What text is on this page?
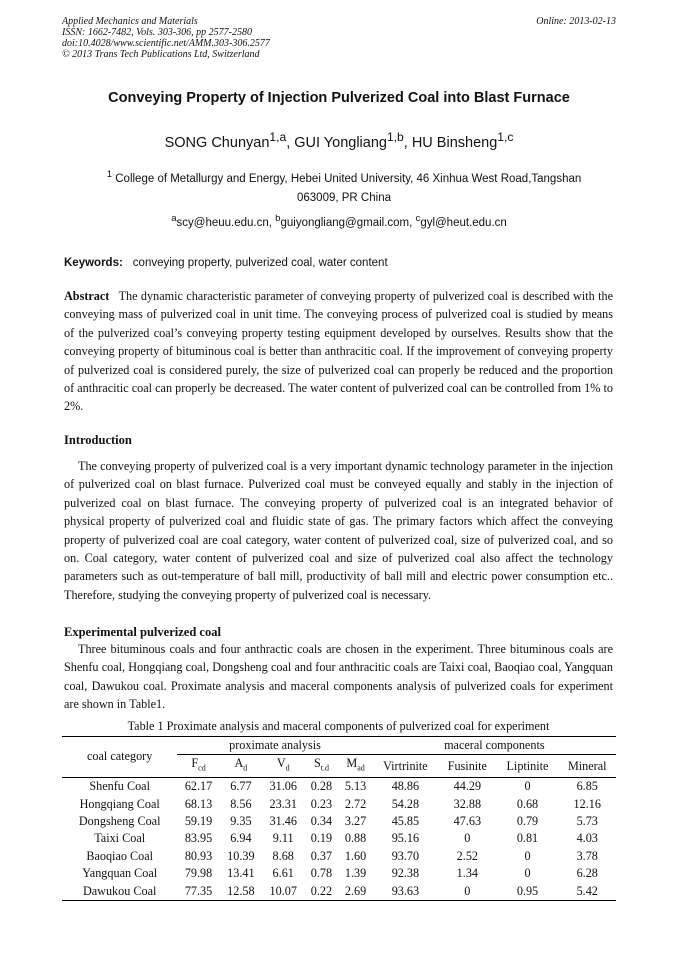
Applied Mechanics and Materials
ISSN: 1662-7482, Vols. 303-306, pp 2577-2580
doi:10.4028/www.scientific.net/AMM.303-306.2577
© 2013 Trans Tech Publications Ltd, Switzerland
Online: 2013-02-13
Conveying Property of Injection Pulverized Coal into Blast Furnace
SONG Chunyan$^{1,a}$, GUI Yongliang$^{1,b}$, HU Binsheng$^{1,c}$
$^1$ College of Metallurgy and Energy, Hebei United University, 46 Xinhua West Road,Tangshan
063009, PR China
$^a$scy@heuu.edu.cn, $^b$guiyongliang@gmail.com, $^c$gyl@heut.edu.cn
Keywords: conveying property, pulverized coal, water content

Abstract The dynamic characteristic parameter of conveying property of pulverized coal is described with the conveying mass of pulverized coal in unit time. The conveying process of pulverized coal is studied by means of the pulverized coal’s conveying property testing equipment developed by ourselves. Results show that the conveying property of bituminous coal is better than anthracitic coal. If the improvement of conveying property of pulverized coal is considered purely, the size of pulverized coal can properly be reduced and the proportion of anthracitic coal can properly be decreased. The water content of pulverized coal can be controlled from 1% to 2%.

Introduction

The conveying property of pulverized coal is a very important dynamic technology parameter in the injection of pulverized coal on blast furnace. Pulverized coal must be conveyed equally and stably in the injection of pulverized coal on blast furnace. The conveying property of pulverized coal is an integrated behavior of physical property of pulverized coal and fluidic state of gas. The primary factors which affect the conveying property of pulverized coal are coal category, water content of pulverized coal, size of pulverized coal, and so on. Coal category, water content of pulverized coal and size of pulverized coal also affect the technology parameters such as out-temperature of ball mill, productivity of ball mill and electric power consumption etc.. Therefore, studying the conveying property of pulverized coal is necessary.

Experimental pulverized coal

Three bituminous coals and four anthractic coals are chosen in the experiment. Three bituminous coals are Shenfu coal, Hongqiang coal, Dongsheng coal and four anthracitic coals are Taixi coal, Baoqiao coal, Yangquan coal, Dawukou coal. Proximate analysis and maceral components analysis of pulverized coals for experiment are shown in Table1.

Table 1 Proximate analysis and maceral components of pulverized coal for experiment
coal category	proximate analysis					maceral components			
	$F_{cd}$	$A_d$	$V_d$	$S_{t.d}$	$M_{ad}$	Virtrinite	Fusinite	Liptinite	Mineral
Shenfu Coal	62.17	6.77	31.06	0.28	5.13	48.86	44.29	0	6.85
Hongqiang Coal	68.13	8.56	23.31	0.23	2.72	54.28	32.88	0.68	12.16
Dongsheng Coal	59.19	9.35	31.46	0.34	3.27	45.85	47.63	0.79	5.73
Taixi Coal	83.95	6.94	9.11	0.19	0.88	95.16	0	0.81	4.03
Baoqiao Coal	80.93	10.39	8.68	0.37	1.60	93.70	2.52	0	3.78
Yangquan Coal	79.98	13.41	6.61	0.78	1.39	92.38	1.34	0	6.28
Dawukou Coal	77.35	12.58	10.07	0.22	2.69	93.63	0	0.95	5.42
